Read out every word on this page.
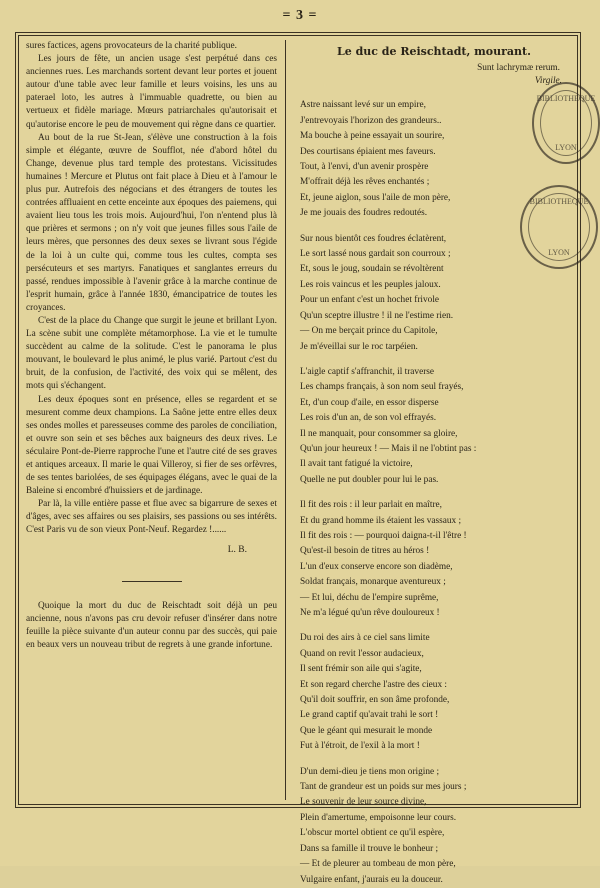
= 3 =

sures factices, agens provocateurs de la charité publique.

Les jours de fête, un ancien usage s'est perpétué dans ces anciennes rues. Les marchands sortent devant leur portes et jouent autour d'une table avec leur famille et leurs voisins, les uns au paterael loto, les autres à l'immuable quadrette, ou bien au vertueux et fidèle mariage. Mœurs patriarchales qu'autorisait et qu'autorise encore le peu de mouvement qui règne dans ce quartier.

Au bout de la rue St-Jean, s'élève une construction à la fois simple et élégante, œuvre de Soufflot, née d'abord hôtel du Change, devenue plus tard temple des protestans. Vicissitudes humaines ! Mercure et Plutus ont fait place à Dieu et à l'amour le plus pur. Autrefois des négocians et des étrangers de toutes les contrées affluaient en cette enceinte aux époques des paiemens, qui avaient lieu tous les trois mois. Aujourd'hui, l'on n'entend plus là que prières et sermons ; on n'y voit que jeunes filles sous l'aile de leurs mères, que personnes des deux sexes se livrant sous l'égide de la loi à un culte qui, comme tous les cultes, compta ses persécuteurs et ses martyrs. Fanatiques et sanglantes erreurs du passé, rendues impossible à l'avenir grâce à la marche continue de l'esprit humain, grâce à l'année 1830, émancipatrice de toutes les croyances.

C'est de la place du Change que surgit le jeune et brillant Lyon. La scène subit une complète métamorphose. La vie et le tumulte succèdent au calme de la solitude. C'est le panorama le plus mouvant, le boulevard le plus animé, le plus varié. Partout c'est du bruit, de la confusion, de l'activité, des voix qui se mêlent, des mots qui s'échangent.

Les deux époques sont en présence, elles se regardent et se mesurent comme deux champions. La Saône jette entre elles deux ses ondes molles et paresseuses comme des paroles de conciliation, et ouvre son sein et ses bêches aux baigneurs des deux rives. Le séculaire Pont-de-Pierre rapproche l'une et l'autre cité de ses graves et antiques arceaux. Il marie le quai Villeroy, si fier de ses orfèvres, de ses tentes bariolées, de ses équipages élégans, avec le quai de la Baleine si encombré d'huissiers et de jardinage.

Par là, la ville entière passe et flue avec sa bigarrure de sexes et d'âges, avec ses affaires ou ses plaisirs, ses passions ou ses intérêts. C'est Paris vu de son vieux Pont-Neuf. Regardez !......

L. B.

Quoique la mort du duc de Reischtadt soit déjà un peu ancienne, nous n'avons pas cru devoir refuser d'insérer dans notre feuille la pièce suivante d'un auteur connu par des succès, qui paie en beaux vers un nouveau tribut de regrets à une grande infortune.

Le duc de Reischtadt, mourant.
Sunt lachrymæ rerum.
Virgile.
Astre naissant levé sur un empire,
J'entrevoyais l'horizon des grandeurs..
Ma bouche à peine essayait un sourire,
Des courtisans épiaient mes faveurs.
Tout, à l'envi, d'un avenir prospère
M'offrait déjà les rêves enchantés ;
Et, jeune aiglon, sous l'aile de mon père,
Je me jouais des foudres redoutés.
Sur nous bientôt ces foudres éclatèrent,
Le sort lassé nous gardait son courroux ;
Et, sous le joug, soudain se révoltèrent
Les rois vaincus et les peuples jaloux.
Pour un enfant c'est un hochet frivole
Qu'un sceptre illustre ! il ne l'estime rien.
— On me berçait prince du Capitole,
Je m'éveillai sur le roc tarpéien.
L'aigle captif s'affranchit, il traverse
Les champs français, à son nom seul frayés,
Et, d'un coup d'aile, en essor disperse
Les rois d'un an, de son vol effrayés.
Il ne manquait, pour consommer sa gloire,
Qu'un jour heureux ! — Mais il ne l'obtint pas :
Il avait tant fatigué la victoire,
Quelle ne put doubler pour lui le pas.
Il fit des rois : il leur parlait en maître,
Et du grand homme ils étaient les vassaux ;
Il fit des rois : — pourquoi daigna-t-il l'être !
Qu'est-il besoin de titres au héros !
L'un d'eux conserve encore son diadème,
Soldat français, monarque aventureux ;
— Et lui, déchu de l'empire suprême,
Ne m'a légué qu'un rêve douloureux !
Du roi des airs à ce ciel sans limite
Quand on revit l'essor audacieux,
Il sent frémir son aile qui s'agite,
Et son regard cherche l'astre des cieux :
Qu'il doit souffrir, en son âme profonde,
Le grand captif qu'avait trahi le sort !
Que le géant qui mesurait le monde
Fut à l'étroit, de l'exil à la mort !
D'un demi-dieu je tiens mon origine ;
Tant de grandeur est un poids sur mes jours ;
Le souvenir de leur source divine,
Plein d'amertume, empoisonne leur cours.
L'obscur mortel obtient ce qu'il espère,
Dans sa famille il trouve le bonheur ;
— Et de pleurer au tombeau de mon père,
Vulgaire enfant, j'aurais eu la douceur.
BIBLIOTHEQUE
LYON
BIBLIOTHEQUE
LYON
